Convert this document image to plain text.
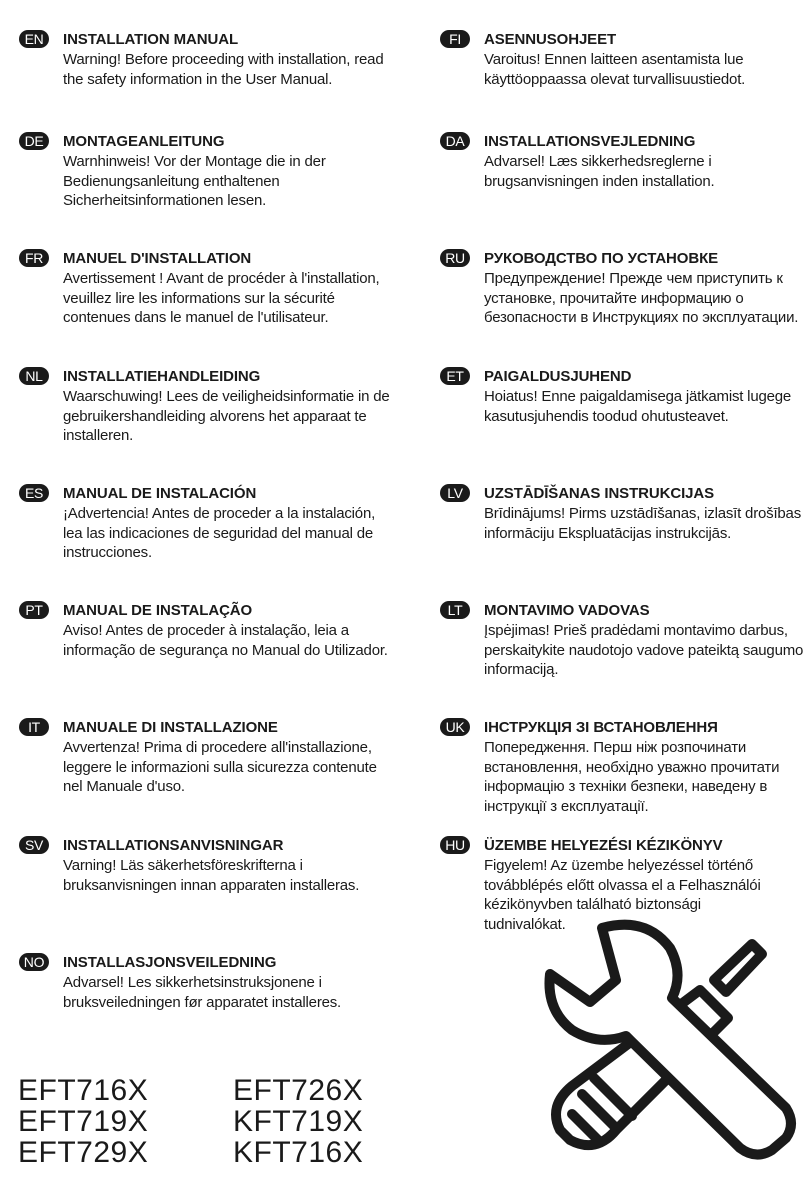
EN	INSTALLATION MANUAL
Warning! Before proceeding with installation, read the safety information in the User Manual.
DE	MONTAGEANLEITUNG
Warnhinweis! Vor der Montage die in der Bedienungsanleitung enthaltenen Sicherheitsinformationen lesen.
FR	MANUEL D'INSTALLATION
Avertissement ! Avant de procéder à l'installation, veuillez lire les informations sur la sécurité contenues dans le manuel de l'utilisateur.
NL	INSTALLATIEHANDLEIDING
Waarschuwing! Lees de veiligheidsinformatie in de gebruikershandleiding alvorens het apparaat te installeren.
ES	MANUAL DE INSTALACIÓN
¡Advertencia! Antes de proceder a la instalación, lea las indicaciones de seguridad del manual de instrucciones.
PT	MANUAL DE INSTALAÇÃO
Aviso! Antes de proceder à instalação, leia a informação de segurança no Manual do Utilizador.
IT	MANUALE DI INSTALLAZIONE
Avvertenza! Prima di procedere all'installazione, leggere le informazioni sulla sicurezza contenute nel Manuale d'uso.
SV	INSTALLATIONSANVISNINGAR
Varning! Läs säkerhetsföreskrifterna i bruksanvisningen innan apparaten installeras.
NO	INSTALLASJONSVEILEDNING
Advarsel! Les sikkerhetsinstruksjonene i bruksveiledningen før apparatet installeres.
FI	ASENNUSOHJEET
Varoitus! Ennen laitteen asentamista lue käyttöoppaassa olevat turvallisuustiedot.
DA	INSTALLATIONSVEJLEDNING
Advarsel! Læs sikkerhedsreglerne i brugsanvisningen inden installation.
RU	РУКОВОДСТВО ПО УСТАНОВКЕ
Предупреждение! Прежде чем приступить к установке, прочитайте информацию о безопасности в Инструкциях по эксплуатации.
ET	PAIGALDUSJUHEND
Hoiatus! Enne paigaldamisega jätkamist lugege kasutusjuhendis toodud ohutusteavet.
LV	UZSTĀDĪŠANAS INSTRUKCIJAS
Brīdinājums! Pirms uzstādīšanas, izlasīt drošības informāciju Ekspluatācijas instrukcijās.
LT	MONTAVIMO VADOVAS
Įspėjimas! Prieš pradėdami montavimo darbus, perskaitykite naudotojo vadove pateiktą saugumo informaciją.
UK	ІНСТРУКЦІЯ ЗІ ВСТАНОВЛЕННЯ
Попередження. Перш ніж розпочинати встановлення, необхідно уважно прочитати інформацію з техніки безпеки, наведену в інструкції з експлуатації.
HU	ÜZEMBE HELYEZÉSI KÉZIKÖNYV
Figyelem! Az üzembe helyezéssel történő továbblépés előtt olvassa el a Felhasználói kézikönyvben található biztonsági tudnivalókat.
EFT716X
EFT719X
EFT729X
EFT726X
KFT719X
KFT716X
